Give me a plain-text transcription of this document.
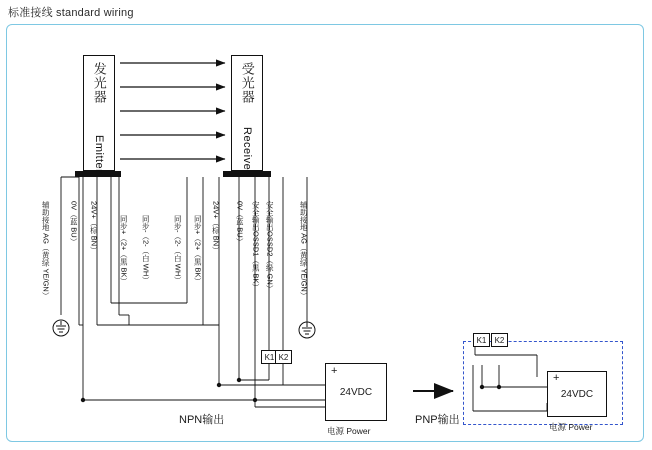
标准接线 standard wiring
发光器
Emitter
受光器
Receiver
辅助接地 AG（黄绿 YE/GN）	0V（蓝 BU） 24V+（棕 BN）	同步+（2+（黑 BK） 同步-（2-（白 WH）	同步-（2-（白 WH） 同步+（2+（黑 BK） 24V+（棕 BN） 0V（蓝 BU） 安全输出OSSD1（黑 BK） 安全输出OSSD2（绿 GN）	辅助接地 AG（黄绿 YE/GN）
K1 K2
24VDC
+
电源 Power
K1	K2
24VDC
+
电源 Power
NPN输出	PNP输出
